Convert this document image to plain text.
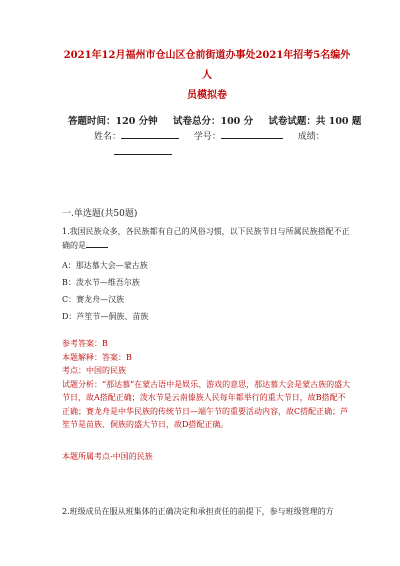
2021年12月福州市仓山区仓前街道办事处2021年招考5名编外人
员模拟卷
答题时间：120 分钟 试卷总分：100 分 试卷试题：共 100 题
姓名：	学号：	成绩：
一.单选题(共50题)
1.我国民族众多，各民族都有自己的风俗习惯，以下民族节日与所属民族搭配不正确的是
A：那达慕大会—蒙古族
B：泼水节—维吾尔族
C：赛龙舟—汉族
D：芦笙节—侗族、苗族
参考答案：B
本题解释：答案：B
考点：中国的民族
试题分析：“那达慕”在蒙古语中是娱乐、游戏的意思，那达慕大会是蒙古族的盛大节日，故A搭配正确；泼水节是云南傣族人民每年都举行的重大节日，故B搭配不正确；赛龙舟是中华民族的传统节日—端午节的重要活动内容，故C搭配正确；芦笙节是苗族、侗族的盛大节日，故D搭配正确。
本题所属考点-中国的民族
2.班级成员在服从班集体的正确决定和承担责任的前提下，参与班级管理的方
